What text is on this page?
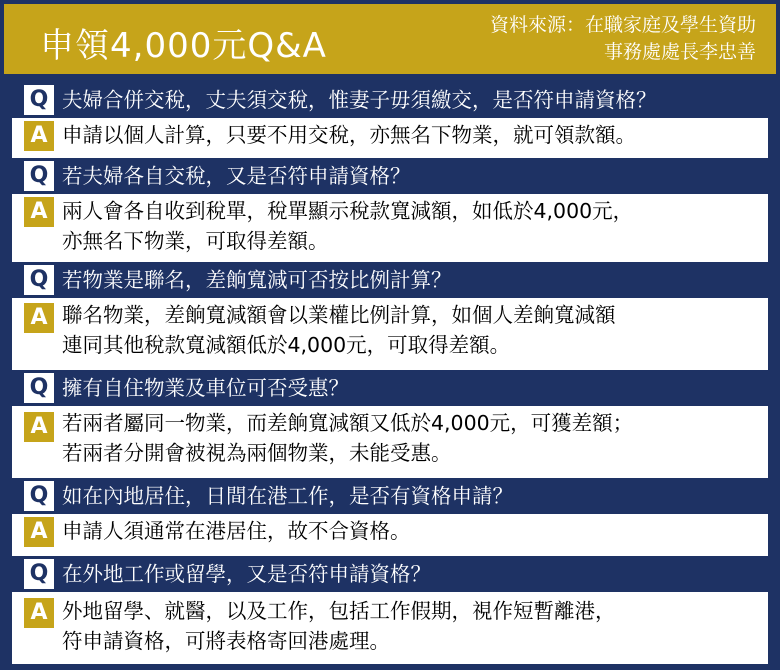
申領4,000元Q&A
資料來源：在職家庭及學生資助
事務處處長李忠善
Q 夫婦合併交稅，丈夫須交稅，惟妻子毋須繳交，是否符申請資格？
A 申請以個人計算，只要不用交稅，亦無名下物業，就可領款額。
Q 若夫婦各自交稅，又是否符申請資格？
A 兩人會各自收到稅單，稅單顯示稅款寬減額，如低於4,000元，
亦無名下物業，可取得差額。
Q 若物業是聯名，差餉寬減可否按比例計算？
A 聯名物業，差餉寬減額會以業權比例計算，如個人差餉寬減額
連同其他稅款寬減額低於4,000元，可取得差額。
Q 擁有自住物業及車位可否受惠？
A 若兩者屬同一物業，而差餉寬減額又低於4,000元，可獲差額；
若兩者分開會被視為兩個物業，未能受惠。
Q 如在內地居住，日間在港工作，是否有資格申請？
A 申請人須通常在港居住，故不合資格。
Q 在外地工作或留學，又是否符申請資格？
A 外地留學、就醫，以及工作，包括工作假期，視作短暫離港，
符申請資格，可將表格寄回港處理。
